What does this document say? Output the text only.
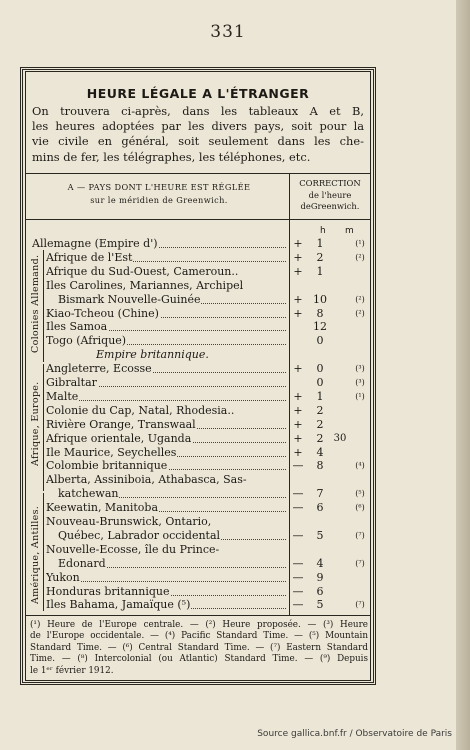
331
HEURE LÉGALE A L'ÉTRANGER
On trouvera ci-après, dans les tableaux A et B,
les heures adoptées par les divers pays, soit pour la
vie civile en général, soit seulement dans les che-
mins de fer, les télégraphes, les téléphones, etc.
A — PAYS DONT L'HEURE EST RÉGLÉE
sur le méridien de Greenwich.
CORRECTION
de l'heure
deGreenwich.
h m
Colonies Allemand.
Afrique, Europe.
Amérique, Antilles.
Allemagne (Empire d')	+	1	(¹)
Afrique de l'Est	+	2	(²)
Afrique du Sud-Ouest, Cameroun..	+	1
Iles Carolines, Mariannes, Archipel
Bismark Nouvelle-Guinée	+ 10	(²)
Kiao-Tcheou (Chine)	+	8	(²)
Iles Samoa	12
Togo (Afrique)	0
Empire britannique.
Angleterre, Ecosse	+	0	(³)
Gibraltar	0	(³)
Malte	+	1	(¹)
Colonie du Cap, Natal, Rhodesia..	+	2
Rivière Orange, Transwaal	+	2
Afrique orientale, Uganda	+	2	30
Ile Maurice, Seychelles	+	4
Colombie britannique	—	8	(⁴)
Alberta, Assiniboia, Athabasca, Sas-
katchewan	—	7	(⁵)
Keewatin, Manitoba	—	6	(⁶)
Nouveau-Brunswick, Ontario,
Québec, Labrador occidental	—	5	(⁷)
Nouvelle-Ecosse, île du Prince-
Edonard	—	4	(⁷)
Yukon	—	9
Honduras britannique	—	6
Iles Bahama, Jamaïque (⁵)	—	5	(⁷)
(¹) Heure de l'Europe centrale. — (²) Heure proposée. — (³) Heure
de l'Europe occidentale. — (⁴) Pacific Standard Time. — (⁵) Mountain
Standard Time. — (⁶) Central Standard Time. — (⁷) Eastern Standard
Time. — (⁸) Intercolonial (ou Atlantic) Standard Time. — (⁹) Depuis
le 1ᵉʳ février 1912.
Source gallica.bnf.fr / Observatoire de Paris
